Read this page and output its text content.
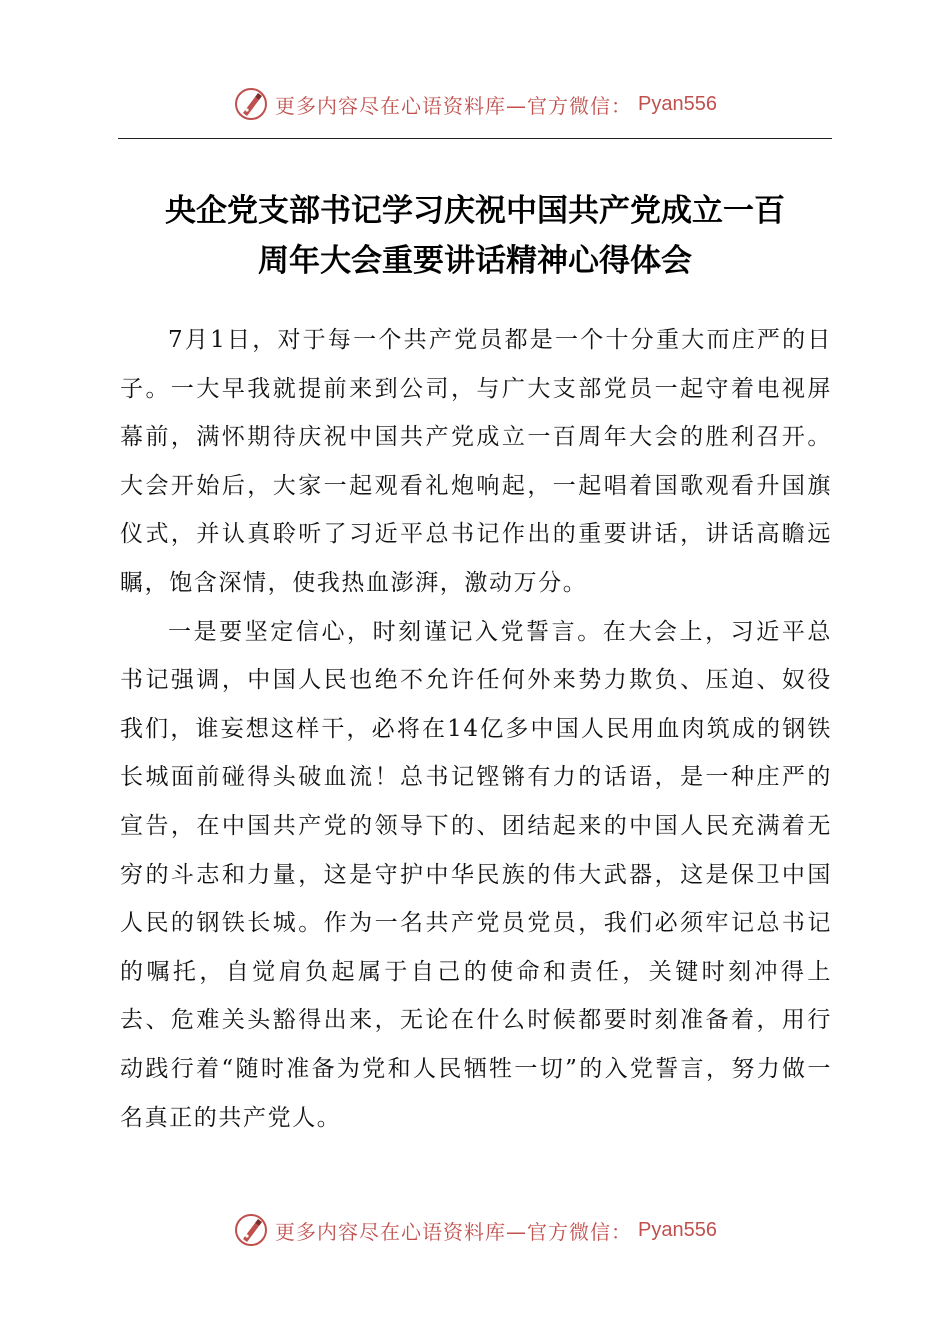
更多内容尽在心语资料库—官方微信： Pyan556
央企党支部书记学习庆祝中国共产党成立一百
周年大会重要讲话精神心得体会

7月1日，对于每一个共产党员都是一个十分重大而庄严的日子。一大早我就提前来到公司，与广大支部党员一起守着电视屏幕前，满怀期待庆祝中国共产党成立一百周年大会的胜利召开。大会开始后，大家一起观看礼炮响起，一起唱着国歌观看升国旗仪式，并认真聆听了习近平总书记作出的重要讲话，讲话高瞻远瞩，饱含深情，使我热血澎湃，激动万分。

一是要坚定信心，时刻谨记入党誓言。在大会上，习近平总书记强调，中国人民也绝不允许任何外来势力欺负、压迫、奴役我们，谁妄想这样干，必将在14亿多中国人民用血肉筑成的钢铁长城面前碰得头破血流！总书记铿锵有力的话语，是一种庄严的宣告，在中国共产党的领导下的、团结起来的中国人民充满着无穷的斗志和力量，这是守护中华民族的伟大武器，这是保卫中国人民的钢铁长城。作为一名共产党员党员，我们必须牢记总书记的嘱托，自觉肩负起属于自己的使命和责任，关键时刻冲得上去、危难关头豁得出来，无论在什么时候都要时刻准备着，用行动践行着“随时准备为党和人民牺牲一切”的入党誓言，努力做一名真正的共产党人。

更多内容尽在心语资料库—官方微信： Pyan556
